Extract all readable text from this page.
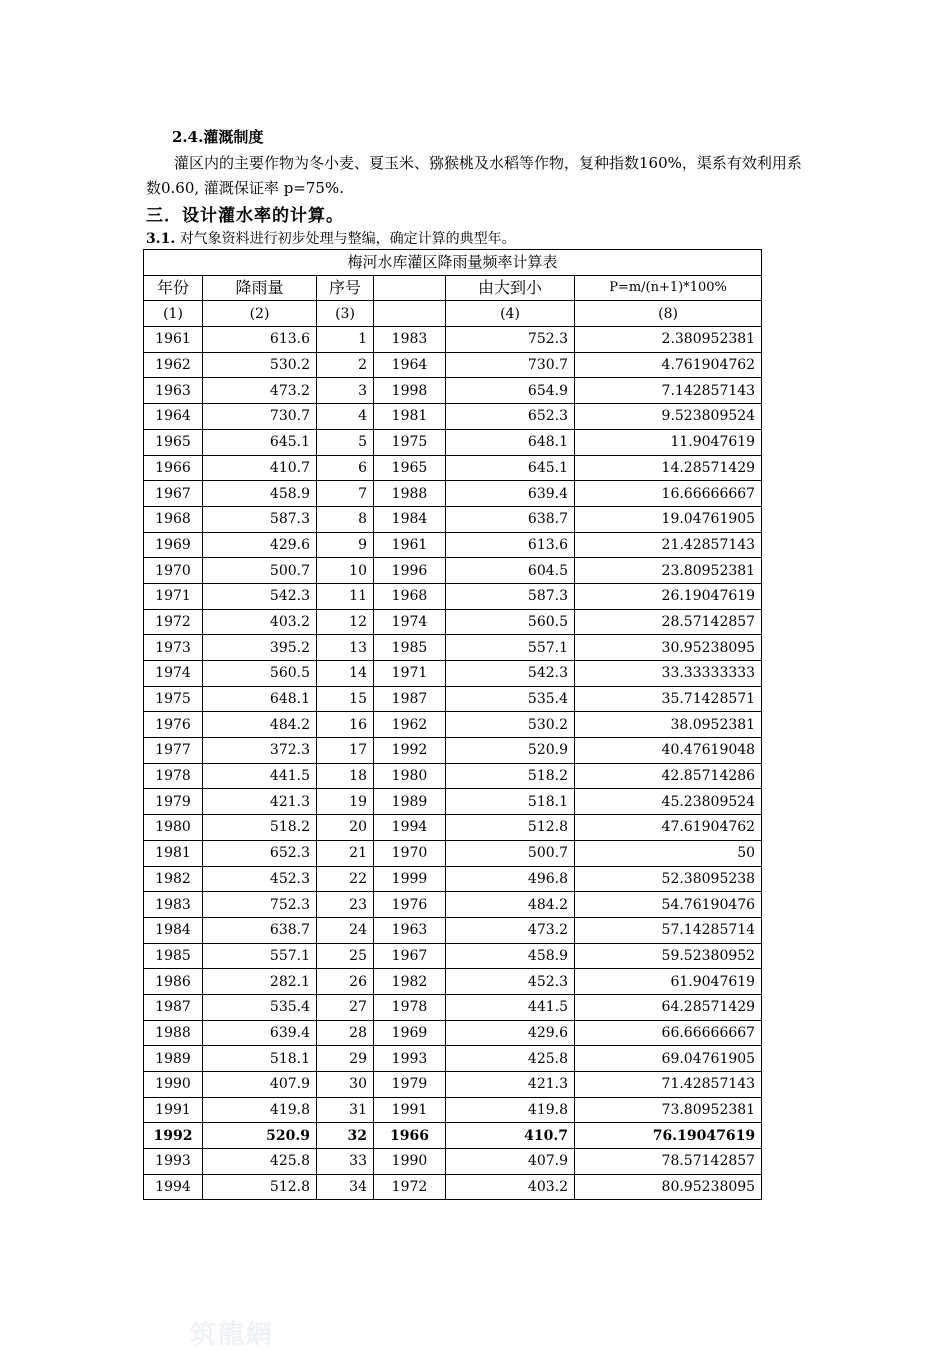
2.4.灌溉制度
灌区内的主要作物为冬小麦、夏玉米、猕猴桃及水稻等作物，复种指数160%，渠系有效利用系数0.60, 灌溉保证率 p=75%.
三．设计灌水率的计算。
3.1. 对气象资料进行初步处理与整编，确定计算的典型年。
梅河水库灌区降雨量频率计算表					
年份	降雨量	序号		由大到小	P=m/(n+1)*100%
(1)	(2)	(3)		(4)	(8)
1961	613.6	1	1983	752.3	2.380952381
1962	530.2	2	1964	730.7	4.761904762
1963	473.2	3	1998	654.9	7.142857143
1964	730.7	4	1981	652.3	9.523809524
1965	645.1	5	1975	648.1	11.9047619
1966	410.7	6	1965	645.1	14.28571429
1967	458.9	7	1988	639.4	16.66666667
1968	587.3	8	1984	638.7	19.04761905
1969	429.6	9	1961	613.6	21.42857143
1970	500.7	10	1996	604.5	23.80952381
1971	542.3	11	1968	587.3	26.19047619
1972	403.2	12	1974	560.5	28.57142857
1973	395.2	13	1985	557.1	30.95238095
1974	560.5	14	1971	542.3	33.33333333
1975	648.1	15	1987	535.4	35.71428571
1976	484.2	16	1962	530.2	38.0952381
1977	372.3	17	1992	520.9	40.47619048
1978	441.5	18	1980	518.2	42.85714286
1979	421.3	19	1989	518.1	45.23809524
1980	518.2	20	1994	512.8	47.61904762
1981	652.3	21	1970	500.7	50
1982	452.3	22	1999	496.8	52.38095238
1983	752.3	23	1976	484.2	54.76190476
1984	638.7	24	1963	473.2	57.14285714
1985	557.1	25	1967	458.9	59.52380952
1986	282.1	26	1982	452.3	61.9047619
1987	535.4	27	1978	441.5	64.28571429
1988	639.4	28	1969	429.6	66.66666667
1989	518.1	29	1993	425.8	69.04761905
1990	407.9	30	1979	421.3	71.42857143
1991	419.8	31	1991	419.8	73.80952381
1992	520.9	32	1966	410.7	76.19047619
1993	425.8	33	1990	407.9	78.57142857
1994	512.8	34	1972	403.2	80.95238095
筑龍網
